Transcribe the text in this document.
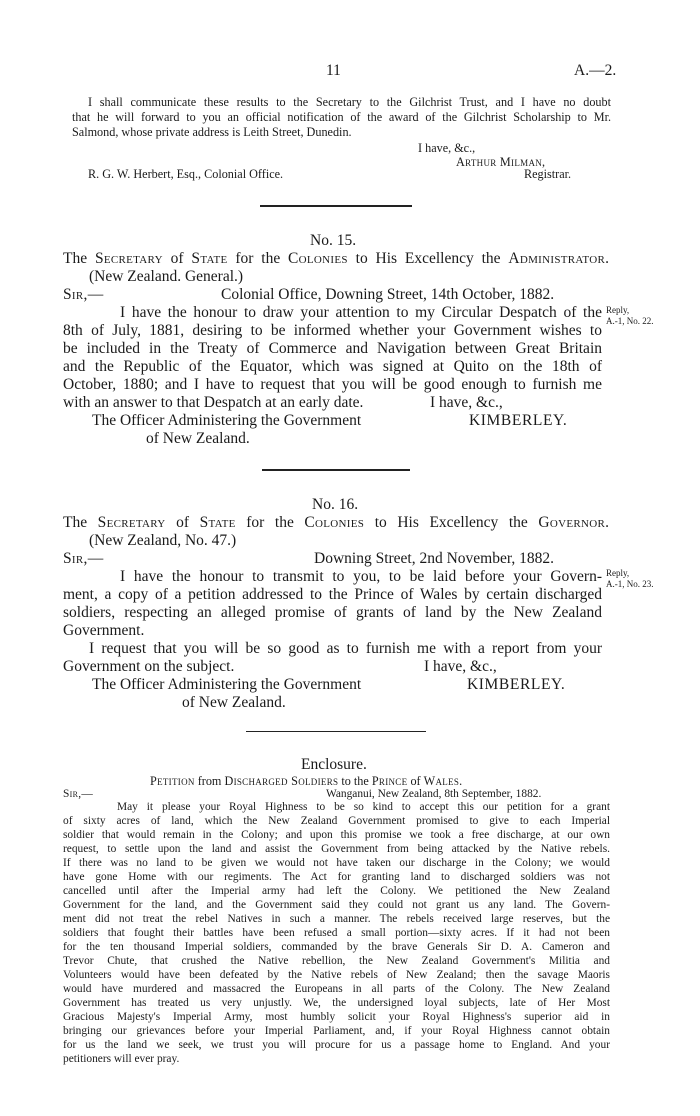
11	A.—2.
I shall communicate these results to the Secretary to the Gilchrist Trust, and I have no doubt
that he will forward to you an official notification of the award of the Gilchrist Scholarship to Mr.
Salmond, whose private address is Leith Street, Dunedin.
I have, &c.,
Arthur Milman,
R. G. W. Herbert, Esq., Colonial Office.	Registrar.
No. 15.
The Secretary of State for the Colonies to His Excellency the Administrator.
(New Zealand. General.)
Sir,—	Colonial Office, Downing Street, 14th October, 1882.
I have the honour to draw your attention to my Circular Despatch of the
8th of July, 1881, desiring to be informed whether your Government wishes to
be included in the Treaty of Commerce and Navigation between Great Britain
and the Republic of the Equator, which was signed at Quito on the 18th of
October, 1880; and I have to request that you will be good enough to furnish me
with an answer to that Despatch at an early date.
Reply,
A.-1, No. 22.
I have, &c.,
The Officer Administering the Government	KIMBERLEY.
of New Zealand.
No. 16.
The Secretary of State for the Colonies to His Excellency the Governor.
(New Zealand, No. 47.)
Sir,—	Downing Street, 2nd November, 1882.
I have the honour to transmit to you, to be laid before your Govern-
ment, a copy of a petition addressed to the Prince of Wales by certain discharged
soldiers, respecting an alleged promise of grants of land by the New Zealand
Government.
I request that you will be so good as to furnish me with a report from your
Government on the subject.
Reply,
A.-1, No. 23.
I have, &c.,
The Officer Administering the Government	KIMBERLEY.
of New Zealand.
Enclosure.
Petition from Discharged Soldiers to the Prince of Wales.
Sir,—	Wanganui, New Zealand, 8th September, 1882.
May it please your Royal Highness to be so kind to accept this our petition for a grant
of sixty acres of land, which the New Zealand Government promised to give to each Imperial
soldier that would remain in the Colony; and upon this promise we took a free discharge, at our own
request, to settle upon the land and assist the Government from being attacked by the Native rebels.
If there was no land to be given we would not have taken our discharge in the Colony; we would
have gone Home with our regiments. The Act for granting land to discharged soldiers was not
cancelled until after the Imperial army had left the Colony. We petitioned the New Zealand
Government for the land, and the Government said they could not grant us any land. The Govern-
ment did not treat the rebel Natives in such a manner. The rebels received large reserves, but the
soldiers that fought their battles have been refused a small portion—sixty acres. If it had not been
for the ten thousand Imperial soldiers, commanded by the brave Generals Sir D. A. Cameron and
Trevor Chute, that crushed the Native rebellion, the New Zealand Government's Militia and
Volunteers would have been defeated by the Native rebels of New Zealand; then the savage Maoris
would have murdered and massacred the Europeans in all parts of the Colony. The New Zealand
Government has treated us very unjustly. We, the undersigned loyal subjects, late of Her Most
Gracious Majesty's Imperial Army, most humbly solicit your Royal Highness's superior aid in
bringing our grievances before your Imperial Parliament, and, if your Royal Highness cannot obtain
for us the land we seek, we trust you will procure for us a passage home to England. And your
petitioners will ever pray.
